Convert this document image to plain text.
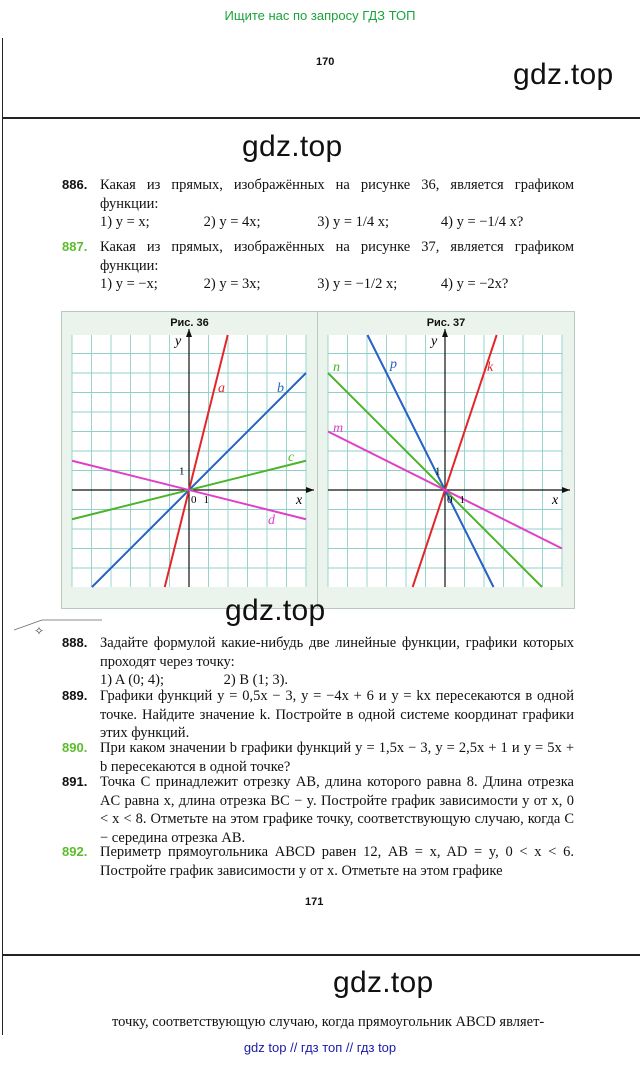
Ищите нас по запросу ГДЗ ТОП
170	gdz.top
gdz.top
886. Какая из прямых, изображённых на рисунке 36, является графиком функции:
1) y = x;	2) y = 4x;	3) y = 1/4 x;	4) y = −1/4 x?
887. Какая из прямых, изображённых на рисунке 37, является графиком функции:
1) y = −x;	2) y = 3x;	3) y = −1/2 x;	4) y = −2x?
Рис. 36	Рис. 37
x
y
0 1
1
a	b
c
d
x
y
0 1
1
n	p	k
m
gdz.top
✧
888. Задайте формулой какие-нибудь две линейные функции, графики которых проходят через точку:
1) A (0; 4);	2) B (1; 3).
889. Графики функций y = 0,5x − 3, y = −4x + 6 и y = kx пересекаются в одной точке. Найдите значение k. Постройте в одной системе координат графики этих функций.
890. При каком значении b графики функций y = 1,5x − 3, y = 2,5x + 1 и y = 5x + b пересекаются в одной точке?
891. Точка C принадлежит отрезку AB, длина которого равна 8. Длина отрезка AC равна x, длина отрезка BC − y. Постройте график зависимости y от x, 0 < x < 8. Отметьте на этом графике точку, соответствующую случаю, когда C − середина отрезка AB.
892. Периметр прямоугольника ABCD равен 12, AB = x, AD = y, 0 < x < 6. Постройте график зависимости y от x. Отметьте на этом графике
171
gdz.top
точку, соответствующую случаю, когда прямоугольник ABCD являет-
gdz top // гдз топ // гдз top
